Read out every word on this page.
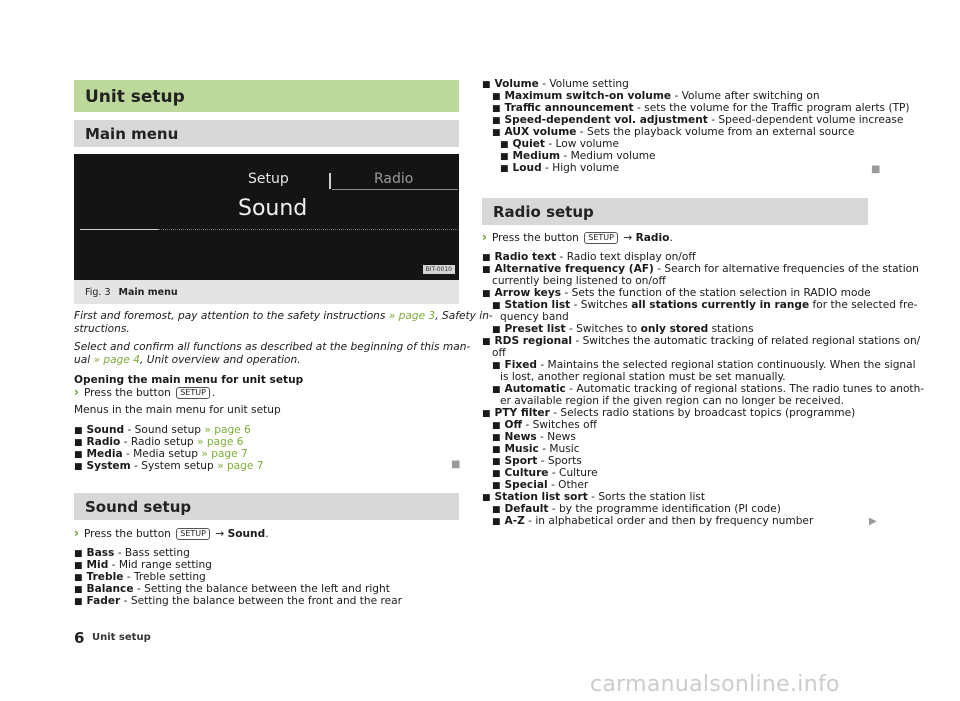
Unit setup
Main menu
Setup	Radio
Sound
BIT-0010
Fig. 3 Main menu
First and foremost, pay attention to the safety instructions » page 3, Safety in-
structions.
Select and confirm all functions as described at the beginning of this man-
ual » page 4, Unit overview and operation.
Opening the main menu for unit setup
› Press the button SETUP .
Menus in the main menu for unit setup
■ Sound - Sound setup » page 6
■ Radio - Radio setup » page 6
■ Media - Media setup » page 7
■ System - System setup » page 7	■
Sound setup
› Press the button SETUP → Sound.
■ Bass - Bass setting
■ Mid - Mid range setting
■ Treble - Treble setting
■ Balance - Setting the balance between the left and right
■ Fader - Setting the balance between the front and the rear
■ Volume - Volume setting
■ Maximum switch-on volume - Volume after switching on
■ Traffic announcement - sets the volume for the Traffic program alerts (TP)
■ Speed-dependent vol. adjustment - Speed-dependent volume increase
■ AUX volume - Sets the playback volume from an external source
■ Quiet - Low volume
■ Medium - Medium volume
■ Loud - High volume	■
Radio setup
› Press the button SETUP → Radio.
■ Radio text - Radio text display on/off
■ Alternative frequency (AF) - Search for alternative frequencies of the station
currently being listened to on/off
■ Arrow keys - Sets the function of the station selection in RADIO mode
■ Station list - Switches all stations currently in range for the selected fre-
quency band
■ Preset list - Switches to only stored stations
■ RDS regional - Switches the automatic tracking of related regional stations on/
off
■ Fixed - Maintains the selected regional station continuously. When the signal
is lost, another regional station must be set manually.
■ Automatic - Automatic tracking of regional stations. The radio tunes to anoth-
er available region if the given region can no longer be received.
■ PTY filter - Selects radio stations by broadcast topics (programme)
■ Off - Switches off
■ News - News
■ Music - Music
■ Sport - Sports
■ Culture - Culture
■ Special - Other
■ Station list sort - Sorts the station list
■ Default - by the programme identification (PI code)
■ A-Z - in alphabetical order and then by frequency number	▶
6 Unit setup
carmanualsonline.info
